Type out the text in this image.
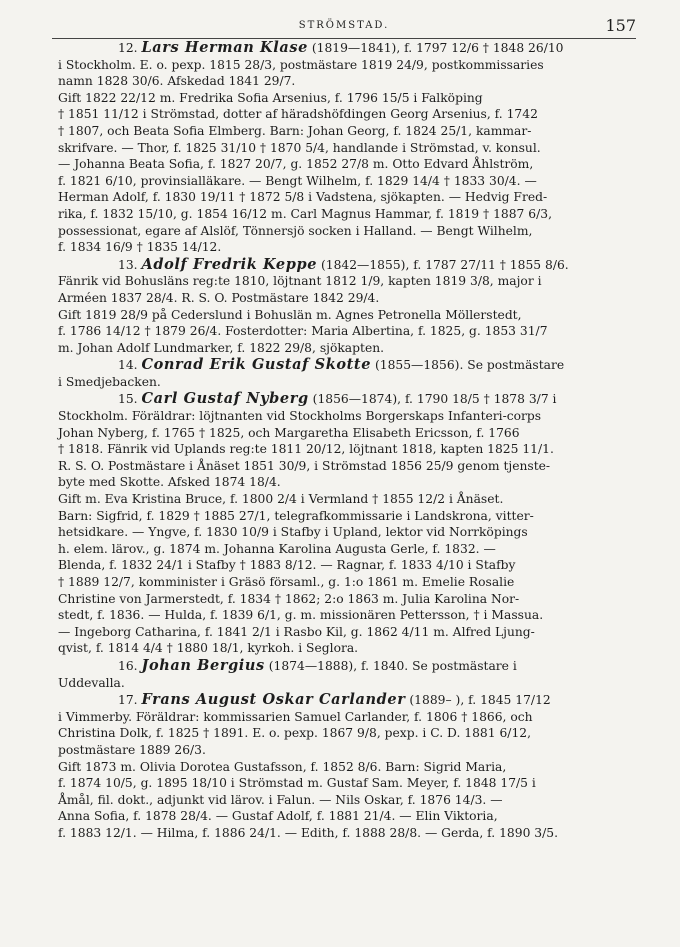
STRÖMSTAD.	157
12. Lars Herman Klase (1819—1841), f. 1797 12/6 † 1848 26/10
i Stockholm. E. o. pexp. 1815 28/3, postmästare 1819 24/9, postkommissaries
namn 1828 30/6. Afskedad 1841 29/7.
Gift 1822 22/12 m. Fredrika Sofia Arsenius, f. 1796 15/5 i Falköping
† 1851 11/12 i Strömstad, dotter af häradshöfdingen Georg Arsenius, f. 1742
† 1807, och Beata Sofia Elmberg. Barn: Johan Georg, f. 1824 25/1, kammar-
skrifvare. — Thor, f. 1825 31/10 † 1870 5/4, handlande i Strömstad, v. konsul.
— Johanna Beata Sofia, f. 1827 20/7, g. 1852 27/8 m. Otto Edvard Åhlström,
f. 1821 6/10, provinsialläkare. — Bengt Wilhelm, f. 1829 14/4 † 1833 30/4. —
Herman Adolf, f. 1830 19/11 † 1872 5/8 i Vadstena, sjökapten. — Hedvig Fred-
rika, f. 1832 15/10, g. 1854 16/12 m. Carl Magnus Hammar, f. 1819 † 1887 6/3,
possessionat, egare af Alslöf, Tönnersjö socken i Halland. — Bengt Wilhelm,
f. 1834 16/9 † 1835 14/12.
13. Adolf Fredrik Keppe (1842—1855), f. 1787 27/11 † 1855 8/6.
Fänrik vid Bohusläns reg:te 1810, löjtnant 1812 1/9, kapten 1819 3/8, major i
Arméen 1837 28/4. R. S. O. Postmästare 1842 29/4.
Gift 1819 28/9 på Cederslund i Bohuslän m. Agnes Petronella Möllerstedt,
f. 1786 14/12 † 1879 26/4. Fosterdotter: Maria Albertina, f. 1825, g. 1853 31/7
m. Johan Adolf Lundmarker, f. 1822 29/8, sjökapten.
14. Conrad Erik Gustaf Skotte (1855—1856). Se postmästare
i Smedjebacken.
15. Carl Gustaf Nyberg (1856—1874), f. 1790 18/5 † 1878 3/7 i
Stockholm. Föräldrar: löjtnanten vid Stockholms Borgerskaps Infanteri-corps
Johan Nyberg, f. 1765 † 1825, och Margaretha Elisabeth Ericsson, f. 1766
† 1818. Fänrik vid Uplands reg:te 1811 20/12, löjtnant 1818, kapten 1825 11/1.
R. S. O. Postmästare i Ånäset 1851 30/9, i Strömstad 1856 25/9 genom tjenste-
byte med Skotte. Afsked 1874 18/4.
Gift m. Eva Kristina Bruce, f. 1800 2/4 i Vermland † 1855 12/2 i Ånäset.
Barn: Sigfrid, f. 1829 † 1885 27/1, telegrafkommissarie i Landskrona, vitter-
hetsidkare. — Yngve, f. 1830 10/9 i Stafby i Upland, lektor vid Norrköpings
h. elem. lärov., g. 1874 m. Johanna Karolina Augusta Gerle, f. 1832. —
Blenda, f. 1832 24/1 i Stafby † 1883 8/12. — Ragnar, f. 1833 4/10 i Stafby
† 1889 12/7, komminister i Gräsö församl., g. 1:o 1861 m. Emelie Rosalie
Christine von Jarmerstedt, f. 1834 † 1862; 2:o 1863 m. Julia Karolina Nor-
stedt, f. 1836. — Hulda, f. 1839 6/1, g. m. missionären Pettersson, † i Massua.
— Ingeborg Catharina, f. 1841 2/1 i Rasbo Kil, g. 1862 4/11 m. Alfred Ljung-
qvist, f. 1814 4/4 † 1880 18/1, kyrkoh. i Seglora.
16. Johan Bergius (1874—1888), f. 1840. Se postmästare i
Uddevalla.
17. Frans August Oskar Carlander (1889– ), f. 1845 17/12
i Vimmerby. Föräldrar: kommissarien Samuel Carlander, f. 1806 † 1866, och
Christina Dolk, f. 1825 † 1891. E. o. pexp. 1867 9/8, pexp. i C. D. 1881 6/12,
postmästare 1889 26/3.
Gift 1873 m. Olivia Dorotea Gustafsson, f. 1852 8/6. Barn: Sigrid Maria,
f. 1874 10/5, g. 1895 18/10 i Strömstad m. Gustaf Sam. Meyer, f. 1848 17/5 i
Åmål, fil. dokt., adjunkt vid lärov. i Falun. — Nils Oskar, f. 1876 14/3. —
Anna Sofia, f. 1878 28/4. — Gustaf Adolf, f. 1881 21/4. — Elin Viktoria,
f. 1883 12/1. — Hilma, f. 1886 24/1. — Edith, f. 1888 28/8. — Gerda, f. 1890 3/5.
